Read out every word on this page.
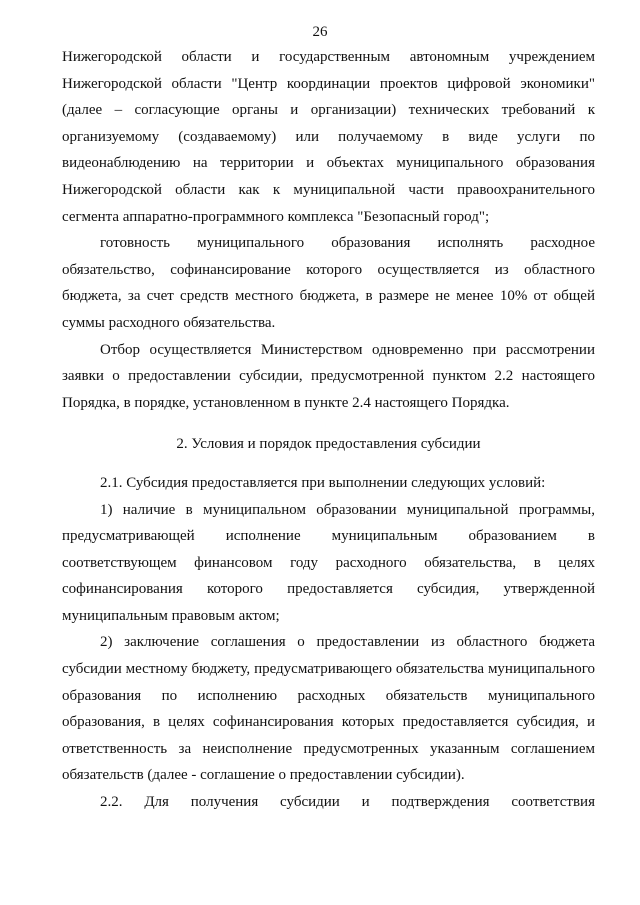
26

Нижегородской области и государственным автономным учреждением Нижегородской области "Центр координации проектов цифровой экономики" (далее – согласующие органы и организации) технических требований к организуемому (создаваемому) или получаемому в виде услуги по видеонаблюдению на территории и объектах муниципального образования Нижегородской области как к муниципальной части правоохранительного сегмента аппаратно-программного комплекса "Безопасный город";

готовность муниципального образования исполнять расходное обязательство, софинансирование которого осуществляется из областного бюджета, за счет средств местного бюджета, в размере не менее 10% от общей суммы расходного обязательства.

Отбор осуществляется Министерством одновременно при рассмотрении заявки о предоставлении субсидии, предусмотренной пунктом 2.2 настоящего Порядка, в порядке, установленном в пункте 2.4 настоящего Порядка.

2. Условия и порядок предоставления субсидии

2.1. Субсидия предоставляется при выполнении следующих условий:

1) наличие в муниципальном образовании муниципальной программы, предусматривающей исполнение муниципальным образованием в соответствующем финансовом году расходного обязательства, в целях софинансирования которого предоставляется субсидия, утвержденной муниципальным правовым актом;

2) заключение соглашения о предоставлении из областного бюджета субсидии местному бюджету, предусматривающего обязательства муниципального образования по исполнению расходных обязательств муниципального образования, в целях софинансирования которых предоставляется субсидия, и ответственность за неисполнение предусмотренных указанным соглашением обязательств (далее - соглашение о предоставлении субсидии).

2.2. Для получения субсидии и подтверждения соответствия
